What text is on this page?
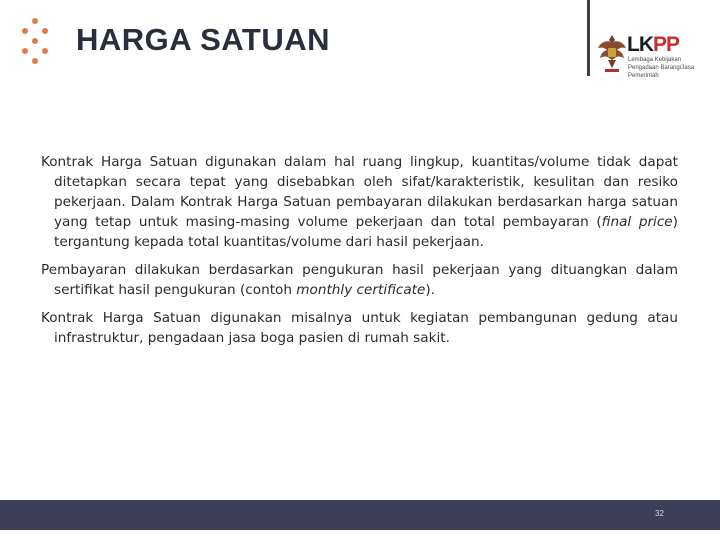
HARGA SATUAN	LKPP
Lembaga Kebijakan Pengadaan Barang/Jasa Pemerintah

Kontrak Harga Satuan digunakan dalam hal ruang lingkup, kuantitas/volume tidak dapat ditetapkan secara tepat yang disebabkan oleh sifat/karakteristik, kesulitan dan resiko pekerjaan. Dalam Kontrak Harga Satuan pembayaran dilakukan berdasarkan harga satuan yang tetap untuk masing-masing volume pekerjaan dan total pembayaran (final price) tergantung kepada total kuantitas/volume dari hasil pekerjaan.

Pembayaran dilakukan berdasarkan pengukuran hasil pekerjaan yang dituangkan dalam sertifikat hasil pengukuran (contoh monthly certificate).

Kontrak Harga Satuan digunakan misalnya untuk kegiatan pembangunan gedung atau infrastruktur, pengadaan jasa boga pasien di rumah sakit.

32
